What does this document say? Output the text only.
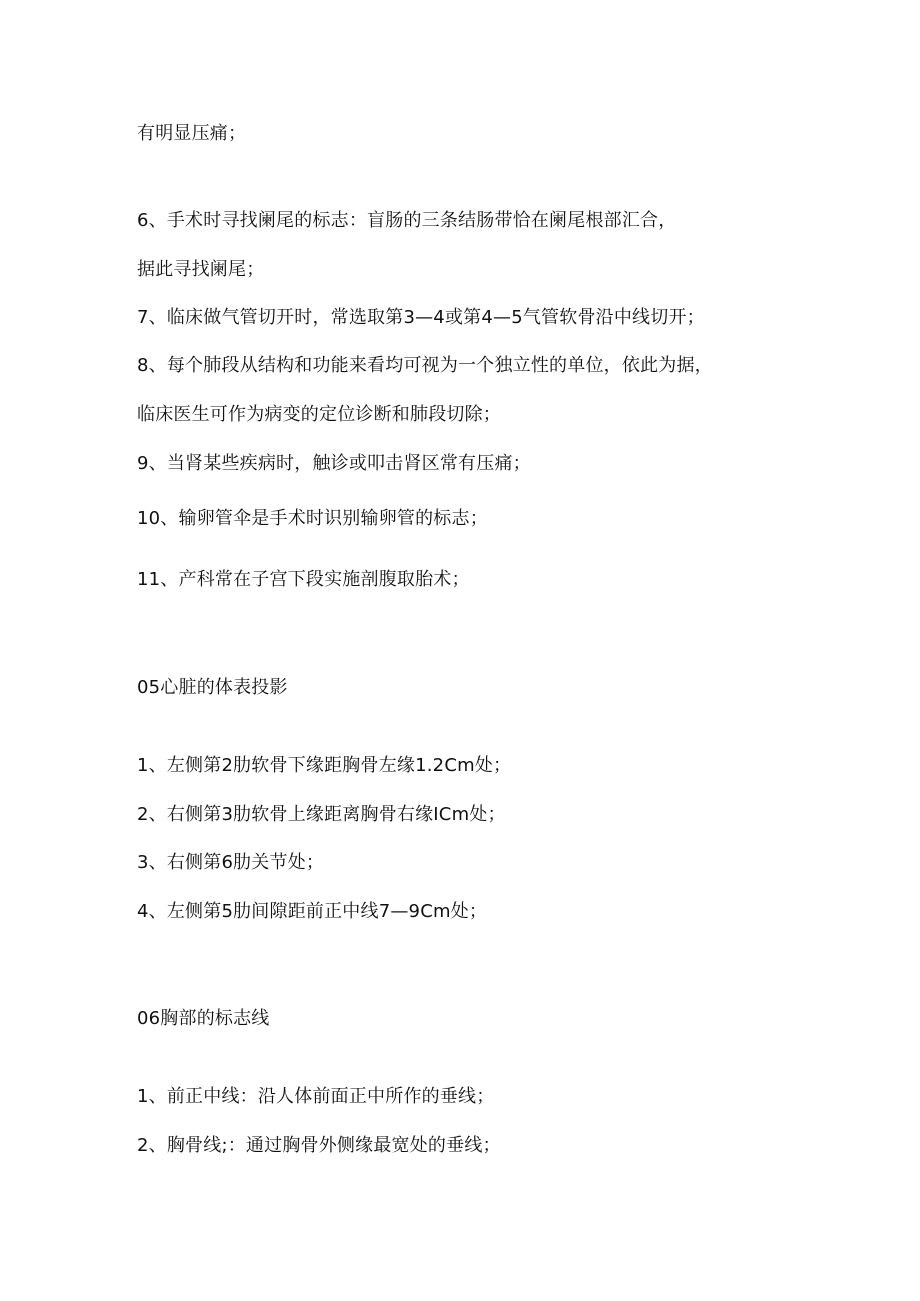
有明显压痛；
6、手术时寻找阑尾的标志：盲肠的三条结肠带恰在阑尾根部汇合，
据此寻找阑尾；
7、临床做气管切开时，常选取第3—4或第4—5气管软骨沿中线切开；
8、每个肺段从结构和功能来看均可视为一个独立性的单位，依此为据，
临床医生可作为病变的定位诊断和肺段切除；
9、当肾某些疾病时，触诊或叩击肾区常有压痛；
10、输卵管伞是手术时识别输卵管的标志；
11、产科常在子宫下段实施剖腹取胎术；
05心脏的体表投影
1、左侧第2肋软骨下缘距胸骨左缘1.2Cm处；
2、右侧第3肋软骨上缘距离胸骨右缘ICm处；
3、右侧第6肋关节处；
4、左侧第5肋间隙距前正中线7—9Cm处；
06胸部的标志线
1、前正中线：沿人体前面正中所作的垂线；
2、胸骨线;：通过胸骨外侧缘最宽处的垂线；
